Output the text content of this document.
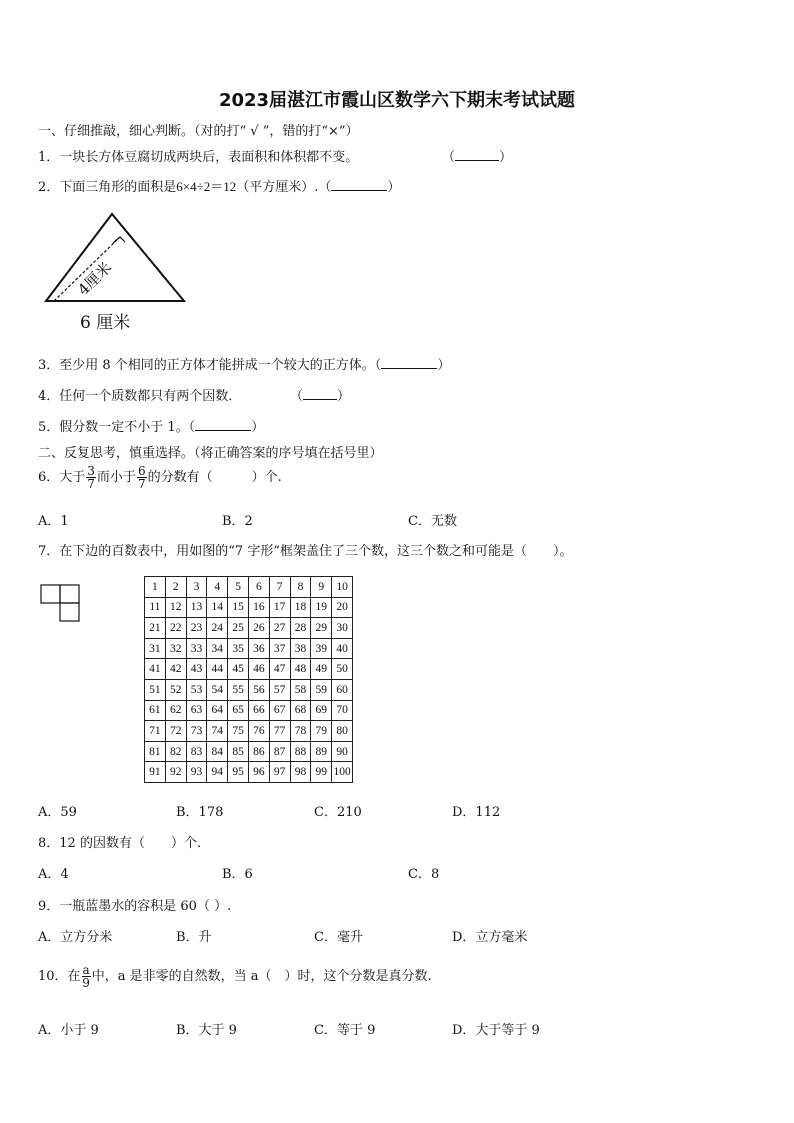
2023届湛江市霞山区数学六下期末考试试题
一、仔细推敲，细心判断。（对的打“ √ ”，错的打“×”）
1．一块长方体豆腐切成两块后，表面积和体积都不变。	（	）
2．下面三角形的面积是6×4÷2＝12（平方厘米）.（	）
4厘米
6 厘米
3．至少用 8 个相同的正方体才能拼成一个较大的正方体。（	）
4．任何一个质数都只有两个因数．	（	）
5．假分数一定不小于 1。（	）
二、反复思考，慎重选择。（将正确答案的序号填在括号里）
6．大于 $\frac{3}{7}$ 而小于 $\frac{6}{7}$ 的分数有（　　　）个.
A．1	B．2	C．无数
7．在下边的百数表中，用如图的“7 字形”框架盖住了三个数，这三个数之和可能是（　　）。
1	2	3	4	5	6	7	8	9	10
11	12	13	14	15	16	17	18	19	20
21	22	23	24	25	26	27	28	29	30
31	32	33	34	35	36	37	38	39	40
41	42	43	44	45	46	47	48	49	50
51	52	53	54	55	56	57	58	59	60
61	62	63	64	65	66	67	68	69	70
71	72	73	74	75	76	77	78	79	80
81	82	83	84	85	86	87	88	89	90
91	92	93	94	95	96	97	98	99	100
A．59	B．178	C．210	D．112
8．12 的因数有（　　）个.
A．4	B．6	C．8
9．一瓶蓝墨水的容积是 60（ ）.
A．立方分米	B．升	C．毫升	D．立方毫米
10．在 $\frac{a}{9}$ 中，a 是非零的自然数，当 a（　）时，这个分数是真分数.
A．小于 9	B．大于 9	C．等于 9	D．大于等于 9
